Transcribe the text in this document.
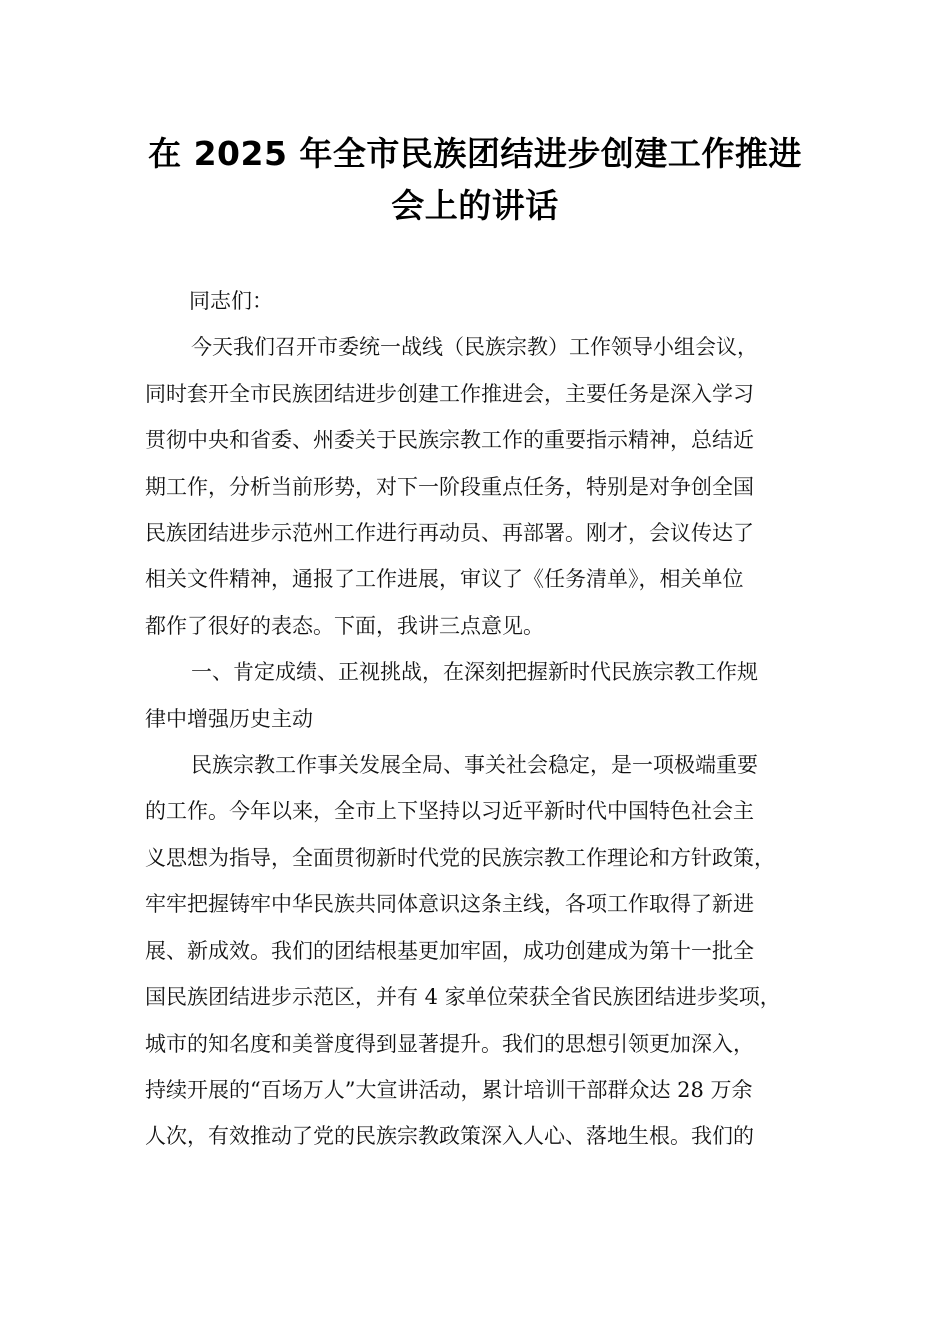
在 2025 年全市民族团结进步创建工作推进
会上的讲话

同志们：

今天我们召开市委统一战线（民族宗教）工作领导小组会议，
同时套开全市民族团结进步创建工作推进会，主要任务是深入学习
贯彻中央和省委、州委关于民族宗教工作的重要指示精神，总结近
期工作，分析当前形势，对下一阶段重点任务，特别是对争创全国
民族团结进步示范州工作进行再动员、再部署。刚才，会议传达了
相关文件精神，通报了工作进展，审议了《任务清单》，相关单位
都作了很好的表态。下面，我讲三点意见。

一、肯定成绩、正视挑战，在深刻把握新时代民族宗教工作规
律中增强历史主动

民族宗教工作事关发展全局、事关社会稳定，是一项极端重要
的工作。今年以来，全市上下坚持以习近平新时代中国特色社会主
义思想为指导，全面贯彻新时代党的民族宗教工作理论和方针政策，
牢牢把握铸牢中华民族共同体意识这条主线，各项工作取得了新进
展、新成效。我们的团结根基更加牢固，成功创建成为第十一批全
国民族团结进步示范区，并有 4 家单位荣获全省民族团结进步奖项，
城市的知名度和美誉度得到显著提升。我们的思想引领更加深入，
持续开展的“百场万人”大宣讲活动，累计培训干部群众达 28 万余
人次，有效推动了党的民族宗教政策深入人心、落地生根。我们的
